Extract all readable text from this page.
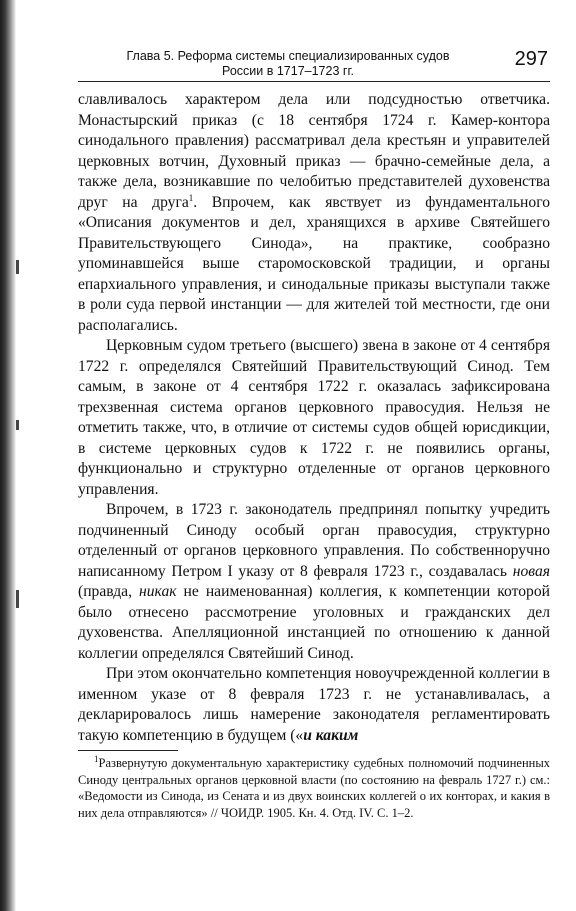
Глава 5. Реформа системы специализированных судов
России в 1717–1723 гг.
297

славливалось характером дела или подсудностью ответчика. Монастырский приказ (с 18 сентября 1724 г. Камер-контора синодального правления) рассматривал дела крестьян и управителей церковных вотчин, Духовный приказ — брачно-семейные дела, а также дела, возникавшие по челобитью представителей духовенства друг на друга$^1$. Впрочем, как явствует из фундаментального «Описания документов и дел, хранящихся в архиве Святейшего Правительствующего Синода», на практике, сообразно упоминавшейся выше старомосковской традиции, и органы епархиального управления, и синодальные приказы выступали также в роли суда первой инстанции — для жителей той местности, где они располагались.

Церковным судом третьего (высшего) звена в законе от 4 сентября 1722 г. определялся Святейший Правительствующий Синод. Тем самым, в законе от 4 сентября 1722 г. оказалась зафиксирована трехзвенная система органов церковного правосудия. Нельзя не отметить также, что, в отличие от системы судов общей юрисдикции, в системе церковных судов к 1722 г. не появились органы, функционально и структурно отделенные от органов церковного управления.

Впрочем, в 1723 г. законодатель предпринял попытку учредить подчиненный Синоду особый орган правосудия, структурно отделенный от органов церковного управления. По собственноручно написанному Петром I указу от 8 февраля 1723 г., создавалась новая (правда, никак не наименованная) коллегия, к компетенции которой было отнесено рассмотрение уголовных и гражданских дел духовенства. Апелляционной инстанцией по отношению к данной коллегии определялся Святейший Синод.

При этом окончательно компетенция новоучрежденной коллегии в именном указе от 8 февраля 1723 г. не устанавливалась, а декларировалось лишь намерение законодателя регламентировать такую компетенцию в будущем («и каким

$^1$Развернутую документальную характеристику судебных полномочий подчиненных Синоду центральных органов церковной власти (по состоянию на февраль 1727 г.) см.: «Ведомости из Синода, из Сената и из двух воинских коллегей о их конторах, и какия в них дела отправляются» // ЧОИДР. 1905. Кн. 4. Отд. IV. С. 1–2.
